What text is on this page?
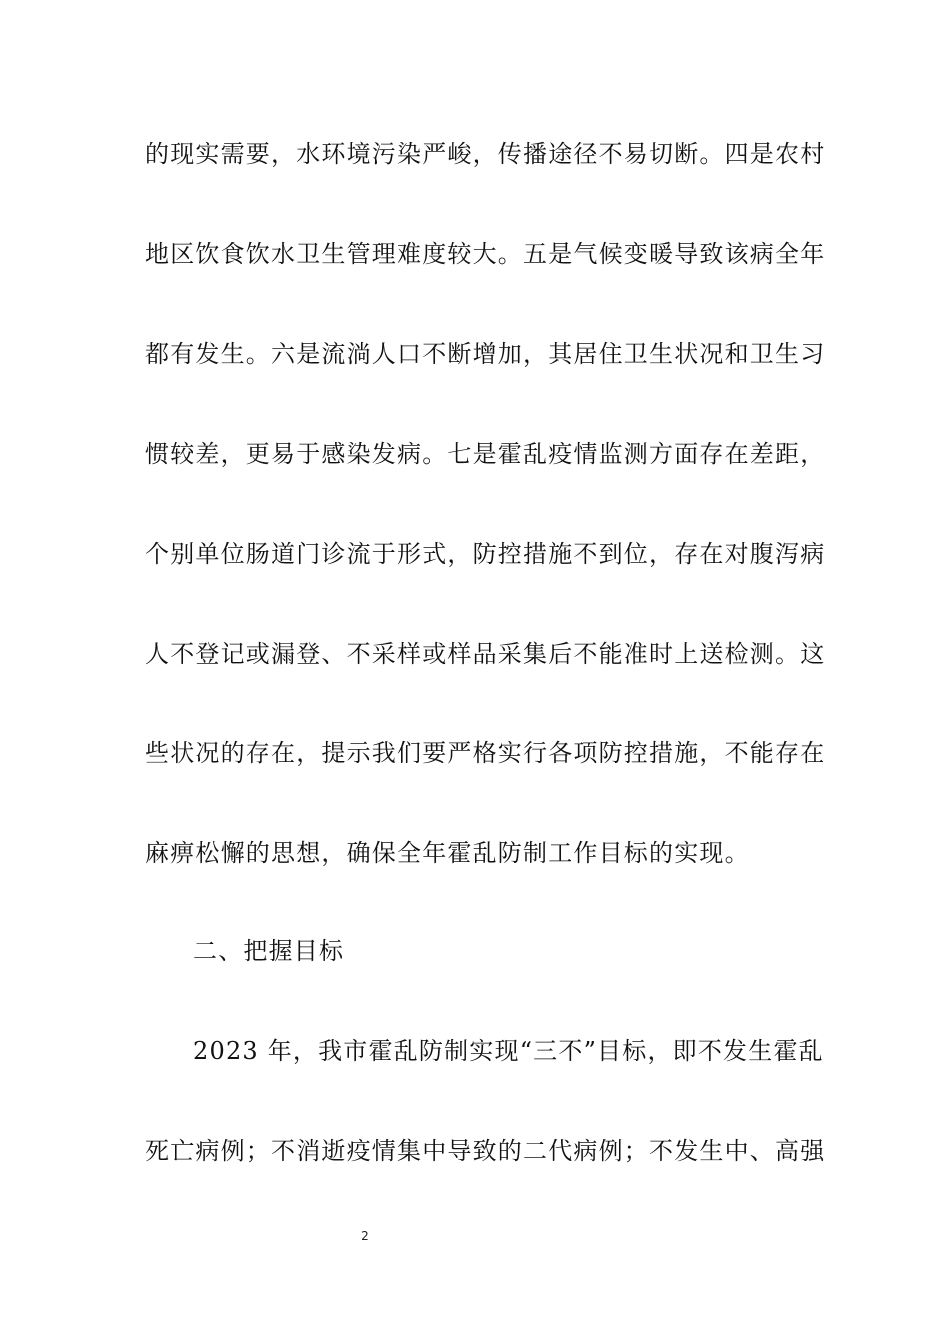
的现实需要，水环境污染严峻，传播途径不易切断。四是农村
地区饮食饮水卫生管理难度较大。五是气候变暖导致该病全年
都有发生。六是流淌人口不断增加，其居住卫生状况和卫生习
惯较差，更易于感染发病。七是霍乱疫情监测方面存在差距，
个别单位肠道门诊流于形式，防控措施不到位，存在对腹泻病
人不登记或漏登、不采样或样品采集后不能准时上送检测。这
些状况的存在，提示我们要严格实行各项防控措施，不能存在
麻痹松懈的思想，确保全年霍乱防制工作目标的实现。
二、把握目标
2023 年，我市霍乱防制实现“三不”目标，即不发生霍乱
死亡病例；不消逝疫情集中导致的二代病例；不发生中、高强
2
